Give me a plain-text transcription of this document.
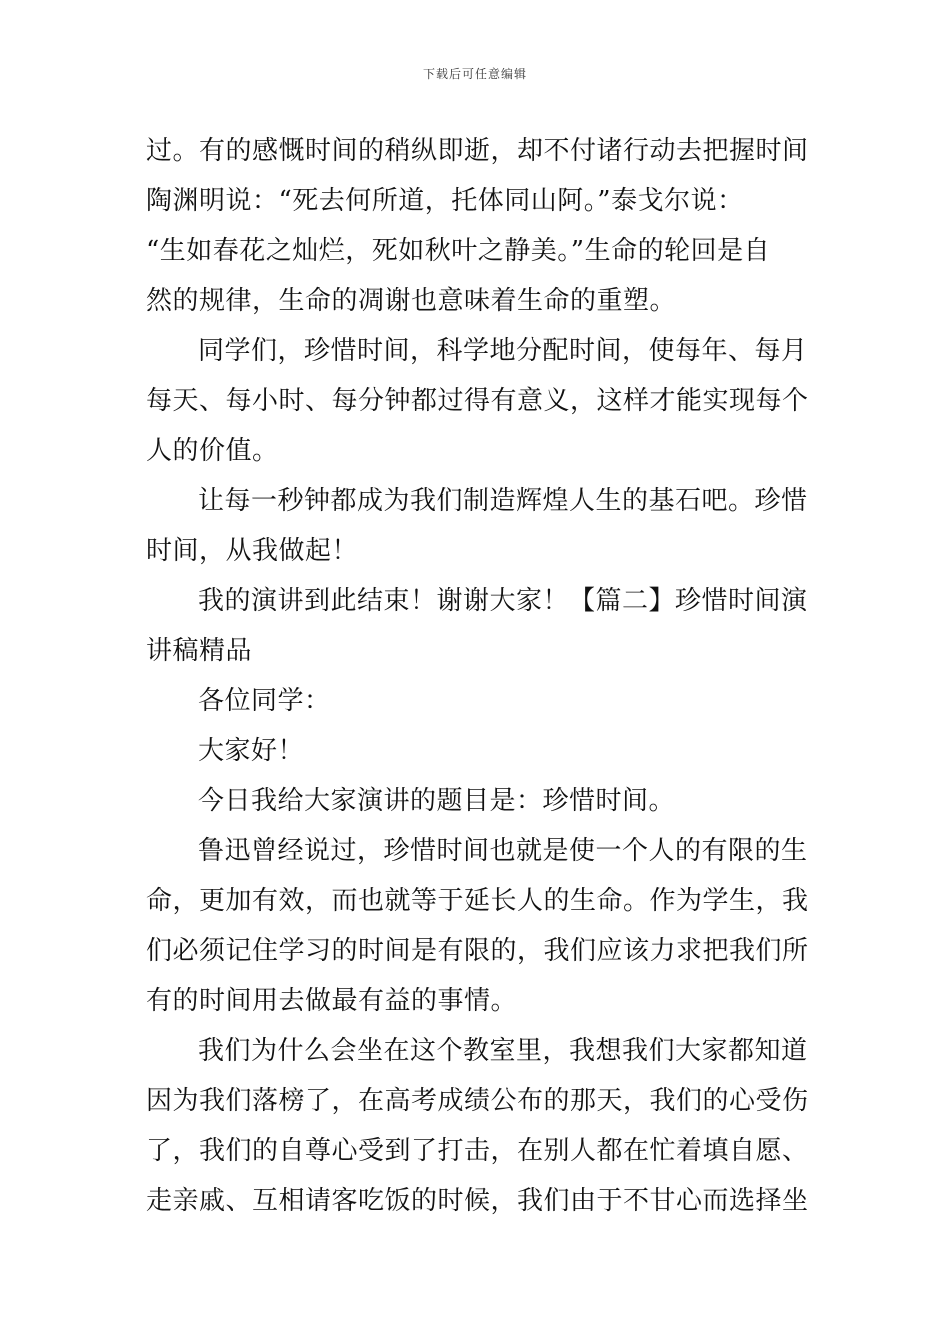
下载后可任意编辑
过。有的感慨时间的稍纵即逝，却不付诸行动去把握时间
陶渊明说：“死去何所道，托体同山阿。”泰戈尔说：
“生如春花之灿烂，死如秋叶之静美。”生命的轮回是自
然的规律，生命的凋谢也意味着生命的重塑。
同学们，珍惜时间，科学地分配时间，使每年、每月
每天、每小时、每分钟都过得有意义，这样才能实现每个
人的价值。
让每一秒钟都成为我们制造辉煌人生的基石吧。珍惜
时间，从我做起！
我的演讲到此结束！谢谢大家！【篇二】珍惜时间演
讲稿精品
各位同学：
大家好！
今日我给大家演讲的题目是：珍惜时间。
鲁迅曾经说过，珍惜时间也就是使一个人的有限的生
命，更加有效，而也就等于延长人的生命。作为学生，我
们必须记住学习的时间是有限的，我们应该力求把我们所
有的时间用去做最有益的事情。
我们为什么会坐在这个教室里，我想我们大家都知道
因为我们落榜了，在高考成绩公布的那天，我们的心受伤
了，我们的自尊心受到了打击，在别人都在忙着填自愿、
走亲戚、互相请客吃饭的时候，我们由于不甘心而选择坐
